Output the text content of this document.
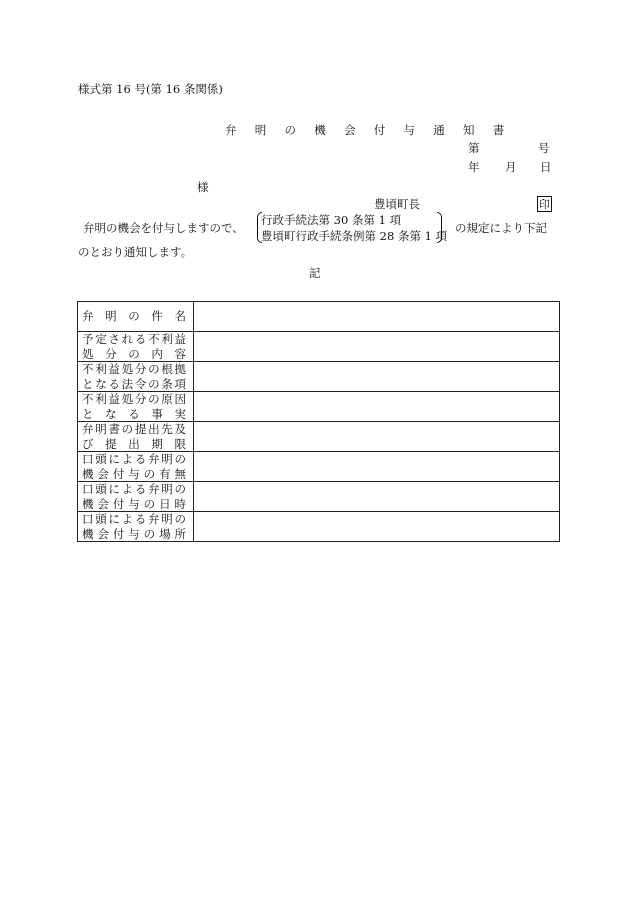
様式第 16 号(第 16 条関係)
弁 明 の 機 会 付 与 通 知 書
第	号
年 月 日
様
豊頃町長	印
弁明の機会を付与しますので、
行政手続法第 30 条第 1 項
豊頃町行政手続条例第 28 条第 1 項
の規定により下記
のとおり通知します。
記
弁 明 の 件 名	

予定される不利益
処 分 の 内 容	

不利益処分の根拠
となる法令の条項	

不利益処分の原因
と な る 事 実	

弁明書の提出先及
び 提 出 期 限	

口頭による弁明の
機 会 付 与 の 有 無	

口頭による弁明の
機 会 付 与 の 日 時	

口頭による弁明の
機 会 付 与 の 場 所	
